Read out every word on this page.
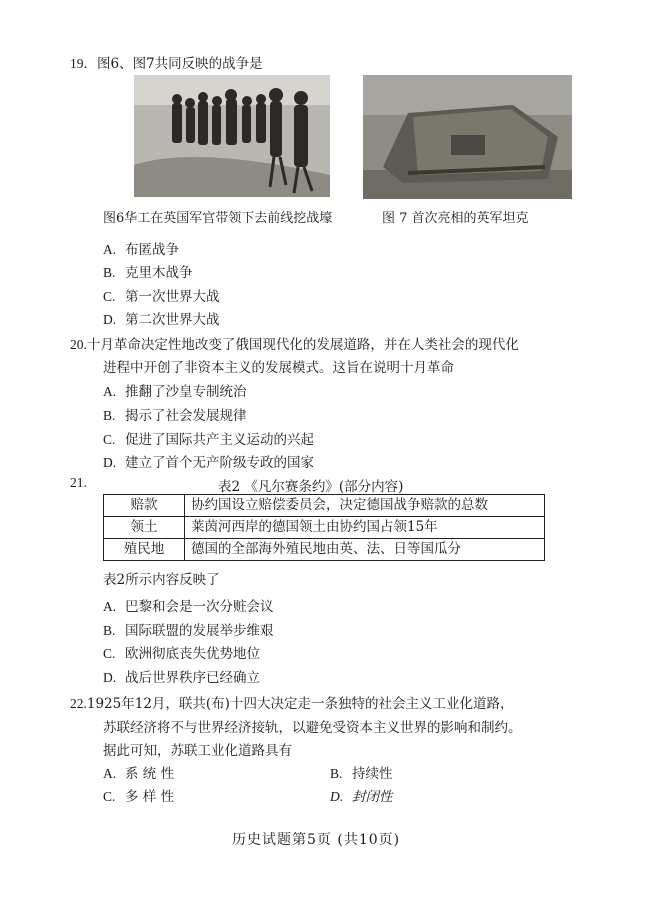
19．图6、图7共同反映的战争是
图6华工在英国军官带领下去前线挖战壕	图 7 首次亮相的英军坦克
A. 布匿战争
B. 克里木战争
C. 第一次世界大战
D. 第二次世界大战
20.十月革命决定性地改变了俄国现代化的发展道路，并在人类社会的现代化
进程中开创了非资本主义的发展模式。这旨在说明十月革命
A. 推翻了沙皇专制统治
B. 揭示了社会发展规律
C. 促进了国际共产主义运动的兴起
D. 建立了首个无产阶级专政的国家
21.	表2 《凡尔赛条约》(部分内容)
赔款	协约国设立赔偿委员会，决定德国战争赔款的总数
领土	莱茵河西岸的德国领土由协约国占领15年
殖民地	德国的全部海外殖民地由英、法、日等国瓜分
表2所示内容反映了
A. 巴黎和会是一次分赃会议
B. 国际联盟的发展举步维艰
C. 欧洲彻底丧失优势地位
D. 战后世界秩序已经确立
22.1925年12月，联共(布)十四大决定走一条独特的社会主义工业化道路，
苏联经济将不与世界经济接轨，以避免受资本主义世界的影响和制约。
据此可知，苏联工业化道路具有
A. 系 统 性	B. 持续性
C. 多 样 性	D. 封闭性
历史试题第5页 (共10页)
